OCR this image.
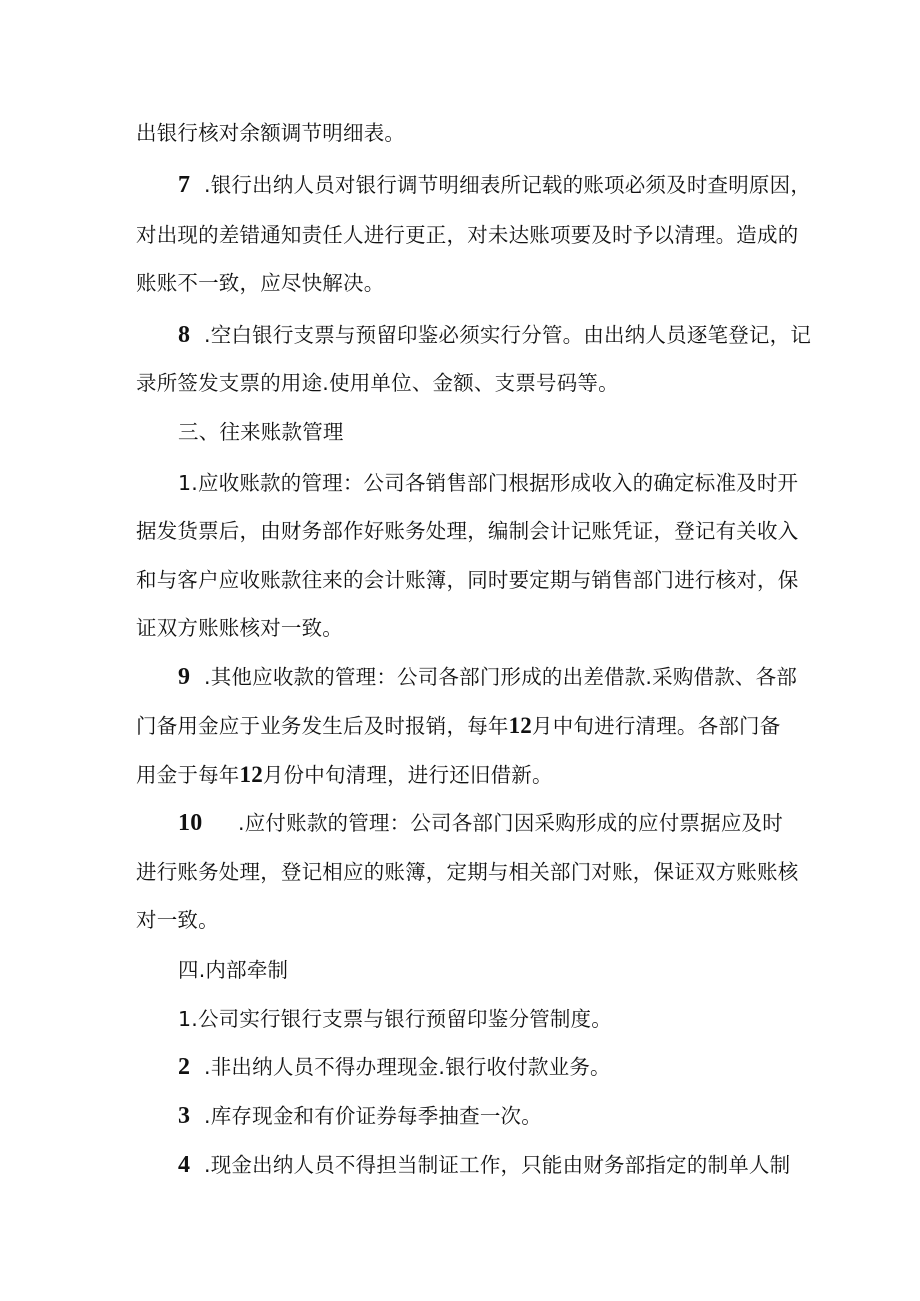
出银行核对余额调节明细表。
7 .银行出纳人员对银行调节明细表所记载的账项必须及时查明原因，
对出现的差错通知责任人进行更正，对未达账项要及时予以清理。造成的
账账不一致，应尽快解决。
8 .空白银行支票与预留印鉴必须实行分管。由出纳人员逐笔登记，记
录所签发支票的用途.使用单位、金额、支票号码等。
三、往来账款管理
1.应收账款的管理：公司各销售部门根据形成收入的确定标准及时开
据发货票后，由财务部作好账务处理，编制会计记账凭证，登记有关收入
和与客户应收账款往来的会计账簿，同时要定期与销售部门进行核对，保
证双方账账核对一致。
9 .其他应收款的管理：公司各部门形成的出差借款.采购借款、各部
门备用金应于业务发生后及时报销，每年12月中旬进行清理。各部门备
用金于每年12月份中旬清理，进行还旧借新。
10 .应付账款的管理：公司各部门因采购形成的应付票据应及时
进行账务处理，登记相应的账簿，定期与相关部门对账，保证双方账账核
对一致。
四.内部牵制
1.公司实行银行支票与银行预留印鉴分管制度。
2 .非出纳人员不得办理现金.银行收付款业务。
3 .库存现金和有价证券每季抽查一次。
4 .现金出纳人员不得担当制证工作，只能由财务部指定的制单人制
